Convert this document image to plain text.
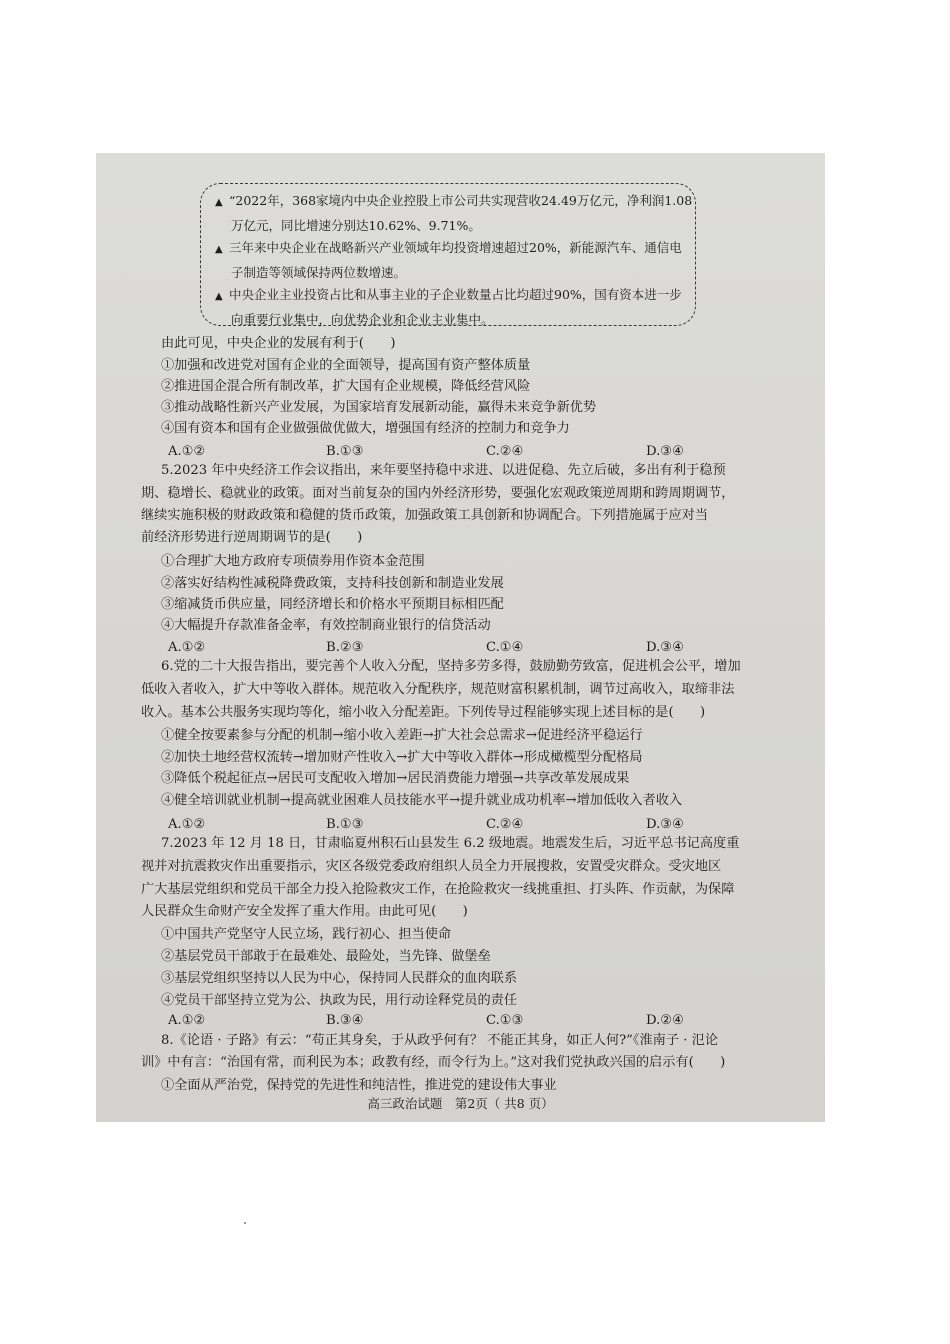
▲ “2022年，368家境内中央企业控股上市公司共实现营收24.49万亿元，净利润1.08
万亿元，同比增速分别达10.62%、9.71%。
▲ 三年来中央企业在战略新兴产业领域年均投资增速超过20%，新能源汽车、通信电
子制造等领域保持两位数增速。
▲ 中央企业主业投资占比和从事主业的子企业数量占比均超过90%，国有资本进一步
向重要行业集中，向优势企业和企业主业集中。
由此可见，中央企业的发展有利于(　　)
①加强和改进党对国有企业的全面领导，提高国有资产整体质量
②推进国企混合所有制改革，扩大国有企业规模，降低经营风险
③推动战略性新兴产业发展，为国家培育发展新动能，赢得未来竞争新优势
④国有资本和国有企业做强做优做大，增强国有经济的控制力和竞争力
A.①②	B.①③	C.②④	D.③④
5.2023 年中央经济工作会议指出，来年要坚持稳中求进、以进促稳、先立后破，多出有利于稳预
期、稳增长、稳就业的政策。面对当前复杂的国内外经济形势，要强化宏观政策逆周期和跨周期调节，
继续实施积极的财政政策和稳健的货币政策，加强政策工具创新和协调配合。下列措施属于应对当
前经济形势进行逆周期调节的是(　　)
①合理扩大地方政府专项债券用作资本金范围
②落实好结构性减税降费政策，支持科技创新和制造业发展
③缩减货币供应量，同经济增长和价格水平预期目标相匹配
④大幅提升存款准备金率，有效控制商业银行的信贷活动
A.①②	B.②③	C.①④	D.③④
6.党的二十大报告指出，要完善个人收入分配，坚持多劳多得，鼓励勤劳致富，促进机会公平，增加
低收入者收入，扩大中等收入群体。规范收入分配秩序，规范财富积累机制，调节过高收入，取缔非法
收入。基本公共服务实现均等化，缩小收入分配差距。下列传导过程能够实现上述目标的是(　　)
①健全按要素参与分配的机制→缩小收入差距→扩大社会总需求→促进经济平稳运行
②加快土地经营权流转→增加财产性收入→扩大中等收入群体→形成橄榄型分配格局
③降低个税起征点→居民可支配收入增加→居民消费能力增强→共享改革发展成果
④健全培训就业机制→提高就业困难人员技能水平→提升就业成功机率→增加低收入者收入
A.①②	B.①③	C.②④	D.③④
7.2023 年 12 月 18 日，甘肃临夏州积石山县发生 6.2 级地震。地震发生后，习近平总书记高度重
视并对抗震救灾作出重要指示，灾区各级党委政府组织人员全力开展搜救，安置受灾群众。受灾地区
广大基层党组织和党员干部全力投入抢险救灾工作，在抢险救灾一线挑重担、打头阵、作贡献，为保障
人民群众生命财产安全发挥了重大作用。由此可见(　　)
①中国共产党坚守人民立场，践行初心、担当使命
②基层党员干部敢于在最难处、最险处，当先锋、做堡垒
③基层党组织坚持以人民为中心，保持同人民群众的血肉联系
④党员干部坚持立党为公、执政为民，用行动诠释党员的责任
A.①②	B.③④	C.①③	D.②④
8.《论语 · 子路》有云：“苟正其身矣，于从政乎何有？ 不能正其身，如正人何?”《淮南子 · 氾论
训》中有言：“治国有常，而利民为本；政教有经，而令行为上。”这对我们党执政兴国的启示有(　　)
①全面从严治党，保持党的先进性和纯洁性，推进党的建设伟大事业
高三政治试题　第2页（ 共8 页）
